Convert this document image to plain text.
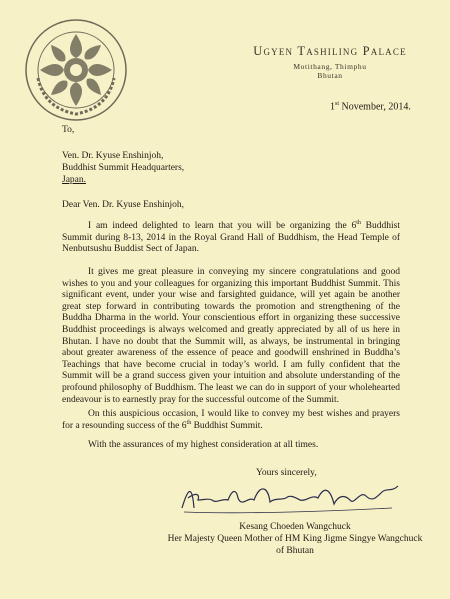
Ugyen Tashiling Palace
Motithang, Thimphu
Bhutan
1st November, 2014.
To,
Ven. Dr. Kyuse Enshinjoh,
Buddhist Summit Headquarters,
Japan.
Dear Ven. Dr. Kyuse Enshinjoh,
I am indeed delighted to learn that you will be organizing the 6th Buddhist Summit during 8-13, 2014 in the Royal Grand Hall of Buddhism, the Head Temple of Nenbutsushu Buddist Sect of Japan.
It gives me great pleasure in conveying my sincere congratulations and good wishes to you and your colleagues for organizing this important Buddhist Summit. This significant event, under your wise and farsighted guidance, will yet again be another great step forward in contributing towards the promotion and strengthening of the Buddha Dharma in the world. Your conscientious effort in organizing these successive Buddhist proceedings is always welcomed and greatly appreciated by all of us here in Bhutan. I have no doubt that the Summit will, as always, be instrumental in bringing about greater awareness of the essence of peace and goodwill enshrined in Buddha’s Teachings that have become crucial in today’s world. I am fully confident that the Summit will be a grand success given your intuition and absolute understanding of the profound philosophy of Buddhism. The least we can do in support of your wholehearted endeavour is to earnestly pray for the successful outcome of the Summit.
On this auspicious occasion, I would like to convey my best wishes and prayers for a resounding success of the 6th Buddhist Summit.
With the assurances of my highest consideration at all times.
Yours sincerely,
Kesang Choeden Wangchuck
Her Majesty Queen Mother of HM King Jigme Singye Wangchuck
of Bhutan
